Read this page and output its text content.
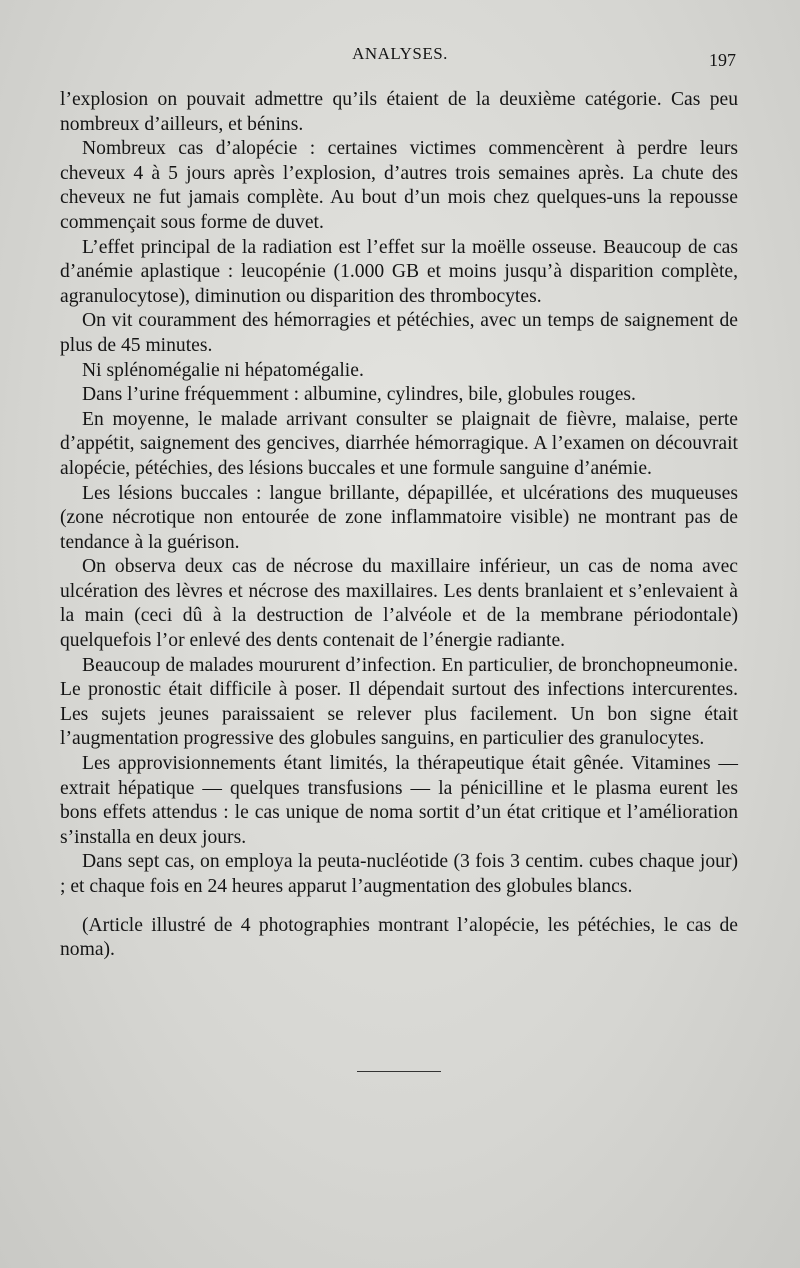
ANALYSES.	197

l’explosion on pouvait admettre qu’ils étaient de la deuxième catégorie. Cas peu nombreux d’ailleurs, et bénins.

Nombreux cas d’alopécie : certaines victimes commencèrent à perdre leurs cheveux 4 à 5 jours après l’explosion, d’autres trois semaines après. La chute des cheveux ne fut jamais complète. Au bout d’un mois chez quelques-uns la repousse commençait sous forme de duvet.

L’effet principal de la radiation est l’effet sur la moëlle osseuse. Beaucoup de cas d’anémie aplastique : leucopénie (1.000 GB et moins jusqu’à disparition complète, agranulocytose), diminution ou disparition des thrombocytes.

On vit couramment des hémorragies et pétéchies, avec un temps de saignement de plus de 45 minutes.

Ni splénomégalie ni hépatomégalie.

Dans l’urine fréquemment : albumine, cylindres, bile, globules rouges.

En moyenne, le malade arrivant consulter se plaignait de fièvre, malaise, perte d’appétit, saignement des gencives, diarrhée hémorragique. A l’examen on découvrait alopécie, pétéchies, des lésions buccales et une formule sanguine d’anémie.

Les lésions buccales : langue brillante, dépapillée, et ulcérations des muqueuses (zone nécrotique non entourée de zone inflammatoire visible) ne montrant pas de tendance à la guérison.

On observa deux cas de nécrose du maxillaire inférieur, un cas de noma avec ulcération des lèvres et nécrose des maxillaires. Les dents branlaient et s’enlevaient à la main (ceci dû à la destruction de l’alvéole et de la membrane périodontale) quelquefois l’or enlevé des dents contenait de l’énergie radiante.

Beaucoup de malades moururent d’infection. En particulier, de bronchopneumonie. Le pronostic était difficile à poser. Il dépendait surtout des infections intercurentes. Les sujets jeunes paraissaient se relever plus facilement. Un bon signe était l’augmentation progressive des globules sanguins, en particulier des granulocytes.

Les approvisionnements étant limités, la thérapeutique était gênée. Vitamines — extrait hépatique — quelques transfusions — la pénicilline et le plasma eurent les bons effets attendus : le cas unique de noma sortit d’un état critique et l’amélioration s’installa en deux jours.

Dans sept cas, on employa la peuta-nucléotide (3 fois 3 centim. cubes chaque jour) ; et chaque fois en 24 heures apparut l’augmentation des globules blancs.

(Article illustré de 4 photographies montrant l’alopécie, les pétéchies, le cas de noma).
